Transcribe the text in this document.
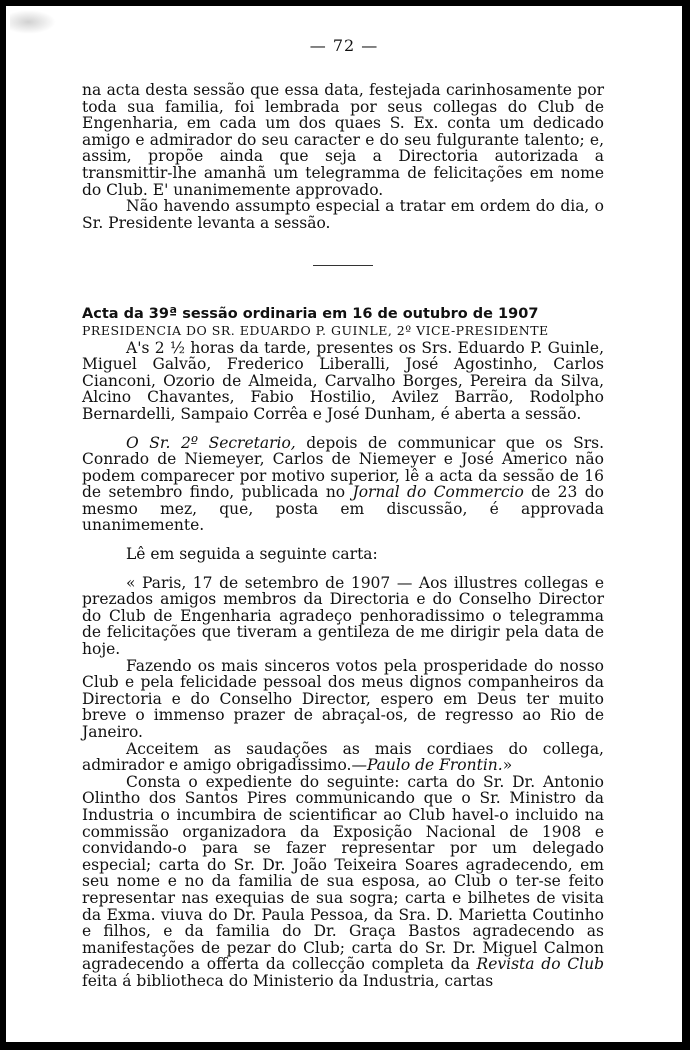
— 72 —

na acta desta sessão que essa data, festejada carinhosamente por toda sua familia, foi lembrada por seus collegas do Club de Engenharia, em cada um dos quaes S. Ex. conta um dedicado amigo e admirador do seu caracter e do seu fulgurante talento; e, assim, propõe ainda que seja a Directoria autorizada a transmittir-lhe amanhã um telegramma de felicitações em nome do Club. E' unanimemente approvado.

Não havendo assumpto especial a tratar em ordem do dia, o Sr. Presidente levanta a sessão.

Acta da 39ª sessão ordinaria em 16 de outubro de 1907

PRESIDENCIA DO SR. EDUARDO P. GUINLE, 2º VICE-PRESIDENTE

A's 2 ½ horas da tarde, presentes os Srs. Eduardo P. Guinle, Miguel Galvão, Frederico Liberalli, José Agostinho, Carlos Cianconi, Ozorio de Almeida, Carvalho Borges, Pereira da Silva, Alcino Chavantes, Fabio Hostilio, Avilez Barrão, Rodolpho Bernardelli, Sampaio Corrêa e José Dunham, é aberta a sessão.

O Sr. 2º Secretario, depois de communicar que os Srs. Conrado de Niemeyer, Carlos de Niemeyer e José Americo não podem comparecer por motivo superior, lê a acta da sessão de 16 de setembro findo, publicada no Jornal do Commercio de 23 do mesmo mez, que, posta em discussão, é approvada unanimemente.

Lê em seguida a seguinte carta:

« Paris, 17 de setembro de 1907 — Aos illustres collegas e prezados amigos membros da Directoria e do Conselho Director do Club de Engenharia agradeço penhoradissimo o telegramma de felicitações que tiveram a gentileza de me dirigir pela data de hoje.

Fazendo os mais sinceros votos pela prosperidade do nosso Club e pela felicidade pessoal dos meus dignos companheiros da Directoria e do Conselho Director, espero em Deus ter muito breve o immenso prazer de abraçal-os, de regresso ao Rio de Janeiro.

Acceitem as saudações as mais cordiaes do collega, admirador e amigo obrigadissimo.—Paulo de Frontin.»

Consta o expediente do seguinte: carta do Sr. Dr. Antonio Olintho dos Santos Pires communicando que o Sr. Ministro da Industria o incumbira de scientificar ao Club havel-o incluido na commissão organizadora da Exposição Nacional de 1908 e convidando-o para se fazer representar por um delegado especial; carta do Sr. Dr. João Teixeira Soares agradecendo, em seu nome e no da familia de sua esposa, ao Club o ter-se feito representar nas exequias de sua sogra; carta e bilhetes de visita da Exma. viuva do Dr. Paula Pessoa, da Sra. D. Marietta Coutinho e filhos, e da familia do Dr. Graça Bastos agradecendo as manifestações de pezar do Club; carta do Sr. Dr. Miguel Calmon agradecendo a offerta da collecção completa da Revista do Club feita á bibliotheca do Ministerio da Industria, cartas
